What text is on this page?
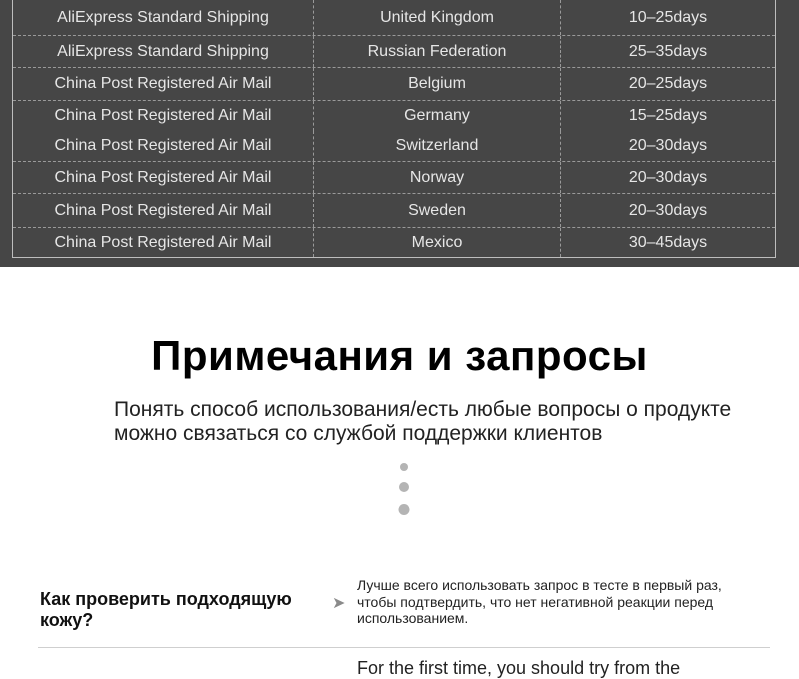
AliExpress Standard Shipping	United Kingdom	10–25days
AliExpress Standard Shipping	Russian Federation	25–35days
China Post Registered Air Mail	Belgium	20–25days
China Post Registered Air Mail	Germany	15–25days
China Post Registered Air Mail	Switzerland	20–30days
China Post Registered Air Mail	Norway	20–30days
China Post Registered Air Mail	Sweden	20–30days
China Post Registered Air Mail	Mexico	30–45days
Примечания и запросы
Понять способ использования/есть любые вопросы о продукте можно связаться со службой поддержки клиентов
Как проверить подходящую кожу?
➤
Лучше всего использовать запрос в тесте в первый раз, чтобы подтвердить, что нет негативной реакции перед использованием.
For the first time, you should try from the
